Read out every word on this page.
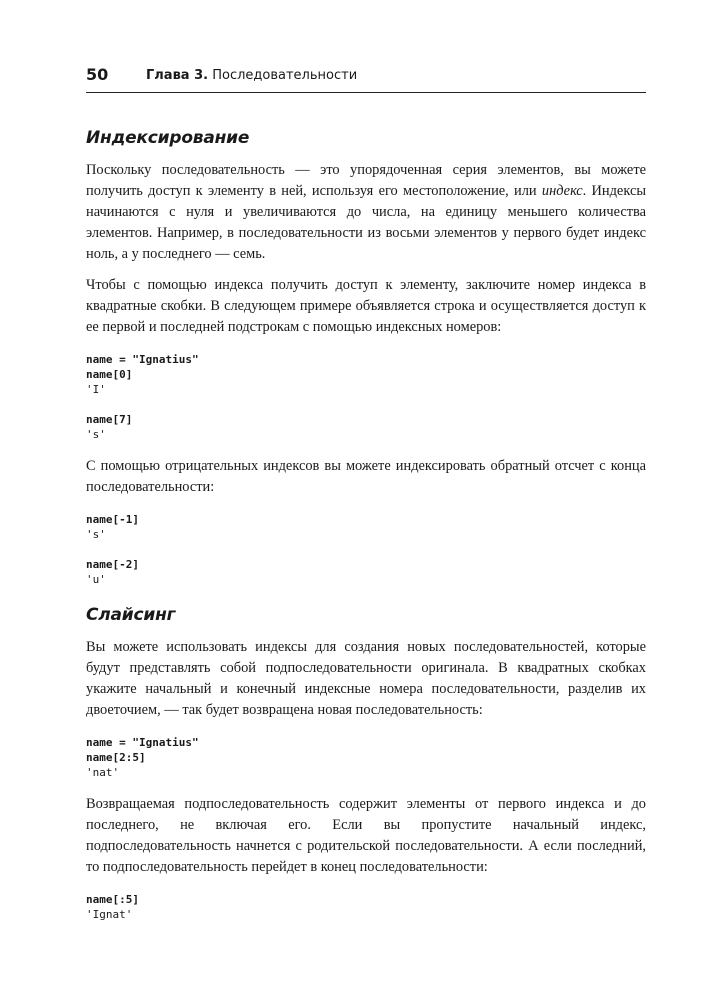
50	Глава 3. Последовательности
Индексирование

Поскольку последовательность — это упорядоченная серия элементов, вы можете получить доступ к элементу в ней, используя его местоположение, или индекс. Индексы начинаются с нуля и увеличиваются до числа, на единицу меньшего количества элементов. Например, в последовательности из восьми элементов у первого будет индекс ноль, а у последнего — семь.

Чтобы с помощью индекса получить доступ к элементу, заключите номер индекса в квадратные скобки. В следующем примере объявляется строка и осуществляется доступ к ее первой и последней подстрокам с помощью индексных номеров:

name = "Ignatius"
name[0]
'I'
name[7]
's'

С помощью отрицательных индексов вы можете индексировать обратный отсчет с конца последовательности:

name[-1]
's'
name[-2]
'u'
Слайсинг

Вы можете использовать индексы для создания новых последовательностей, которые будут представлять собой подпоследовательности оригинала. В квадратных скобках укажите начальный и конечный индексные номера последовательности, разделив их двоеточием, — так будет возвращена новая последовательность:

name = "Ignatius"
name[2:5]
'nat'

Возвращаемая подпоследовательность содержит элементы от первого индекса и до последнего, не включая его. Если вы пропустите начальный индекс, подпоследовательность начнется с родительской последовательности. А если последний, то подпоследовательность перейдет в конец последовательности:

name[:5]
'Ignat'
